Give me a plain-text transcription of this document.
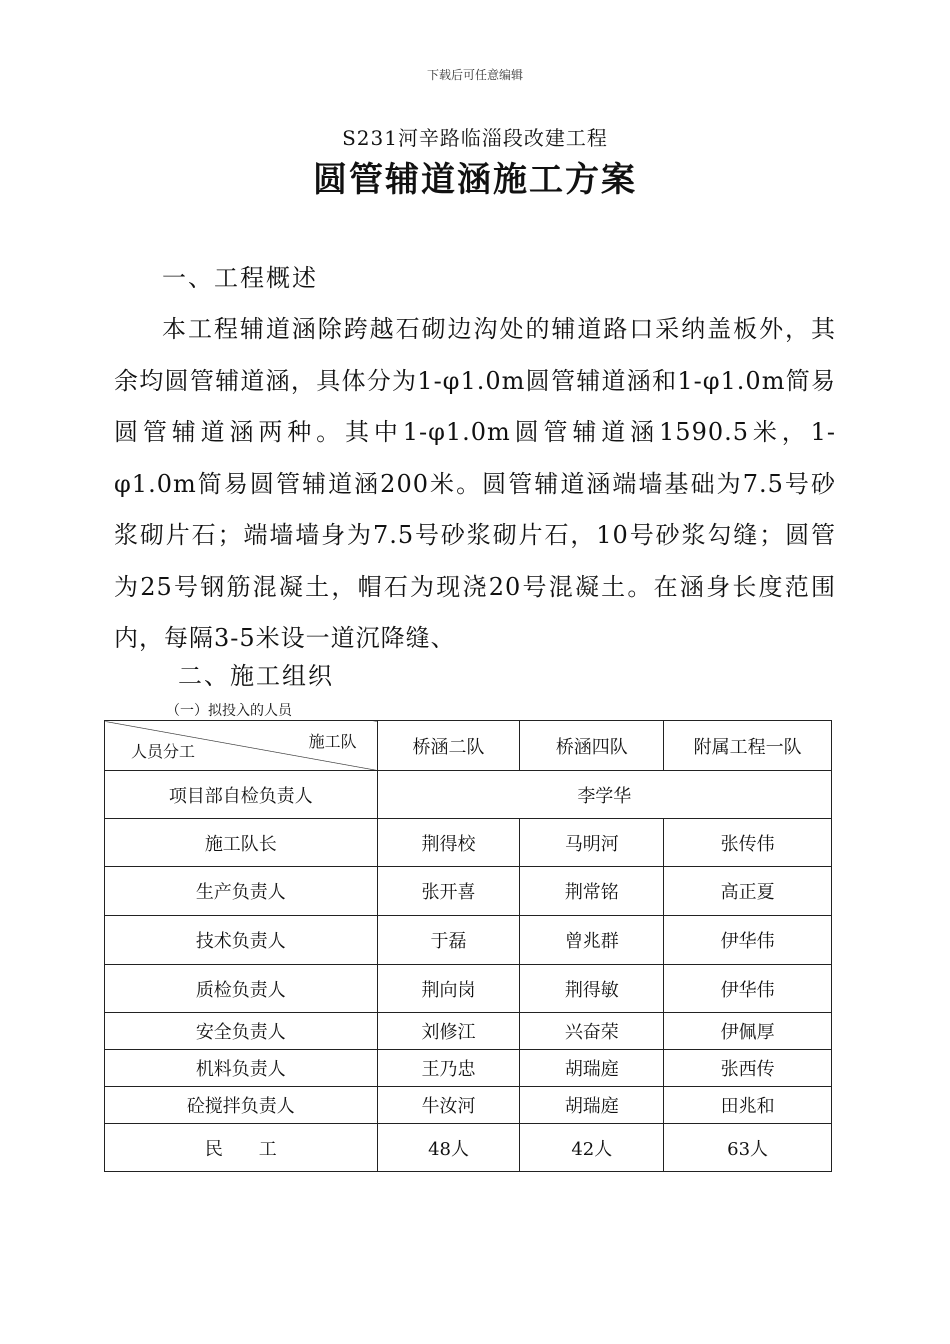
下载后可任意编辑
S231河辛路临淄段改建工程
圆管辅道涵施工方案
一、工程概述
本工程辅道涵除跨越石砌边沟处的辅道路口采纳盖板外，其余均圆管辅道涵，具体分为1-φ1.0m圆管辅道涵和1-φ1.0m简易圆管辅道涵两种。其中1-φ1.0m圆管辅道涵1590.5米，1-φ1.0m简易圆管辅道涵200米。圆管辅道涵端墙基础为7.5号砂浆砌片石；端墙墙身为7.5号砂浆砌片石，10号砂浆勾缝；圆管为25号钢筋混凝土，帽石为现浇20号混凝土。在涵身长度范围内，每隔3-5米设一道沉降缝、
二、施工组织
（一）拟投入的人员
施工队
人员分工	桥涵二队	桥涵四队	附属工程一队
项目部自检负责人	李学华		
施工队长	荆得校	马明河	张传伟
生产负责人	张开喜	荆常铭	高正夏
技术负责人	于磊	曾兆群	伊华伟
质检负责人	荆向岗	荆得敏	伊华伟
安全负责人	刘修江	兴奋荣	伊佩厚
机料负责人	王乃忠	胡瑞庭	张西传
砼搅拌负责人	牛汝河	胡瑞庭	田兆和
民　　工	48人	42人	63人
